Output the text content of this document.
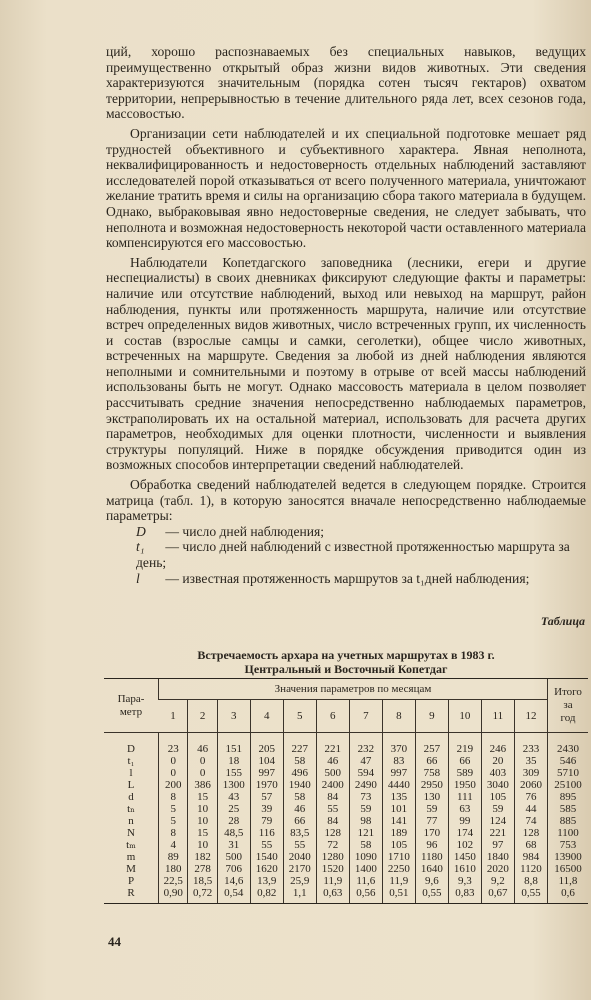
ций, хорошо распознаваемых без специальных навыков, ведущих преимущественно открытый образ жизни видов животных. Эти сведения характеризуются значительным (порядка сотен тысяч гектаров) охватом территории, непрерывностью в течение длительного ряда лет, всех сезонов года, массовостью.

Организации сети наблюдателей и их специальной подготовке мешает ряд трудностей объективного и субъективного характера. Явная неполнота, неквалифицированность и недостоверность отдельных наблюдений заставляют исследователей порой отказываться от всего полученного материала, уничтожают желание тратить время и силы на организацию сбора такого материала в будущем. Однако, выбраковывая явно недостоверные сведения, не следует забывать, что неполнота и возможная недостоверность некоторой части оставленного материала компенсируются его массовостью.

Наблюдатели Копетдагского заповедника (лесники, егери и другие неспециалисты) в своих дневниках фиксируют следующие факты и параметры: наличие или отсутствие наблюдений, выход или невыход на маршрут, район наблюдения, пункты или протяженность маршрута, наличие или отсутствие встреч определенных видов животных, число встреченных групп, их численность и состав (взрослые самцы и самки, сеголетки), общее число животных, встреченных на маршруте. Сведения за любой из дней наблюдения являются неполными и сомнительными и поэтому в отрыве от всей массы наблюдений использованы быть не могут. Однако массовость материала в целом позволяет рассчитывать средние значения непосредственно наблюдаемых параметров, экстраполировать их на остальной материал, использовать для расчета других параметров, необходимых для оценки плотности, численности и выявления структуры популяций. Ниже в порядке обсуждения приводится один из возможных способов интерпретации сведений наблюдателей.

Обработка сведений наблюдателей ведется в следующем порядке. Строится матрица (табл. 1), в которую заносятся вначале непосредственно наблюдаемые параметры:

D — число дней наблюдения;

t₁ — число дней наблюдений с известной протяженностью маршрута за день;

l — известная протяженность маршрутов за t₁дней наблюдения;

Таблица
Встречаемость архара на учетных маршрутах в 1983 г.
Центральный и Восточный Копетдаг
Пара-
метр	Значения параметров по месяцам												Итого
за
год
	1	2	3	4	5	6	7	8	9	10	11	12	
D	23	46	151	205	227	221	232	370	257	219	246	233	2430
t₁	0	0	18	104	58	46	47	83	66	66	20	35	546
l	0	0	155	997	496	500	594	997	758	589	403	309	5710
L	200	386	1300	1970	1940	2400	2490	4440	2950	1950	3040	2060	25100
d	8	15	43	57	58	84	73	135	130	111	105	76	895
tₙ	5	10	25	39	46	55	59	101	59	63	59	44	585
n	5	10	28	79	66	84	98	141	77	99	124	74	885
N	8	15	48,5	116	83,5	128	121	189	170	174	221	128	1100
tₘ	4	10	31	55	55	72	58	105	96	102	97	68	753
m	89	182	500	1540	2040	1280	1090	1710	1180	1450	1840	984	13900
M	180	278	706	1620	2170	1520	1400	2250	1640	1610	2020	1120	16500
P	22,5	18,5	14,6	13,9	25,9	11,9	11,6	11,9	9,6	9,3	9,2	8,8	11,8
R	0,90	0,72	0,54	0,82	1,1	0,63	0,56	0,51	0,55	0,83	0,67	0,55	0,6
44
